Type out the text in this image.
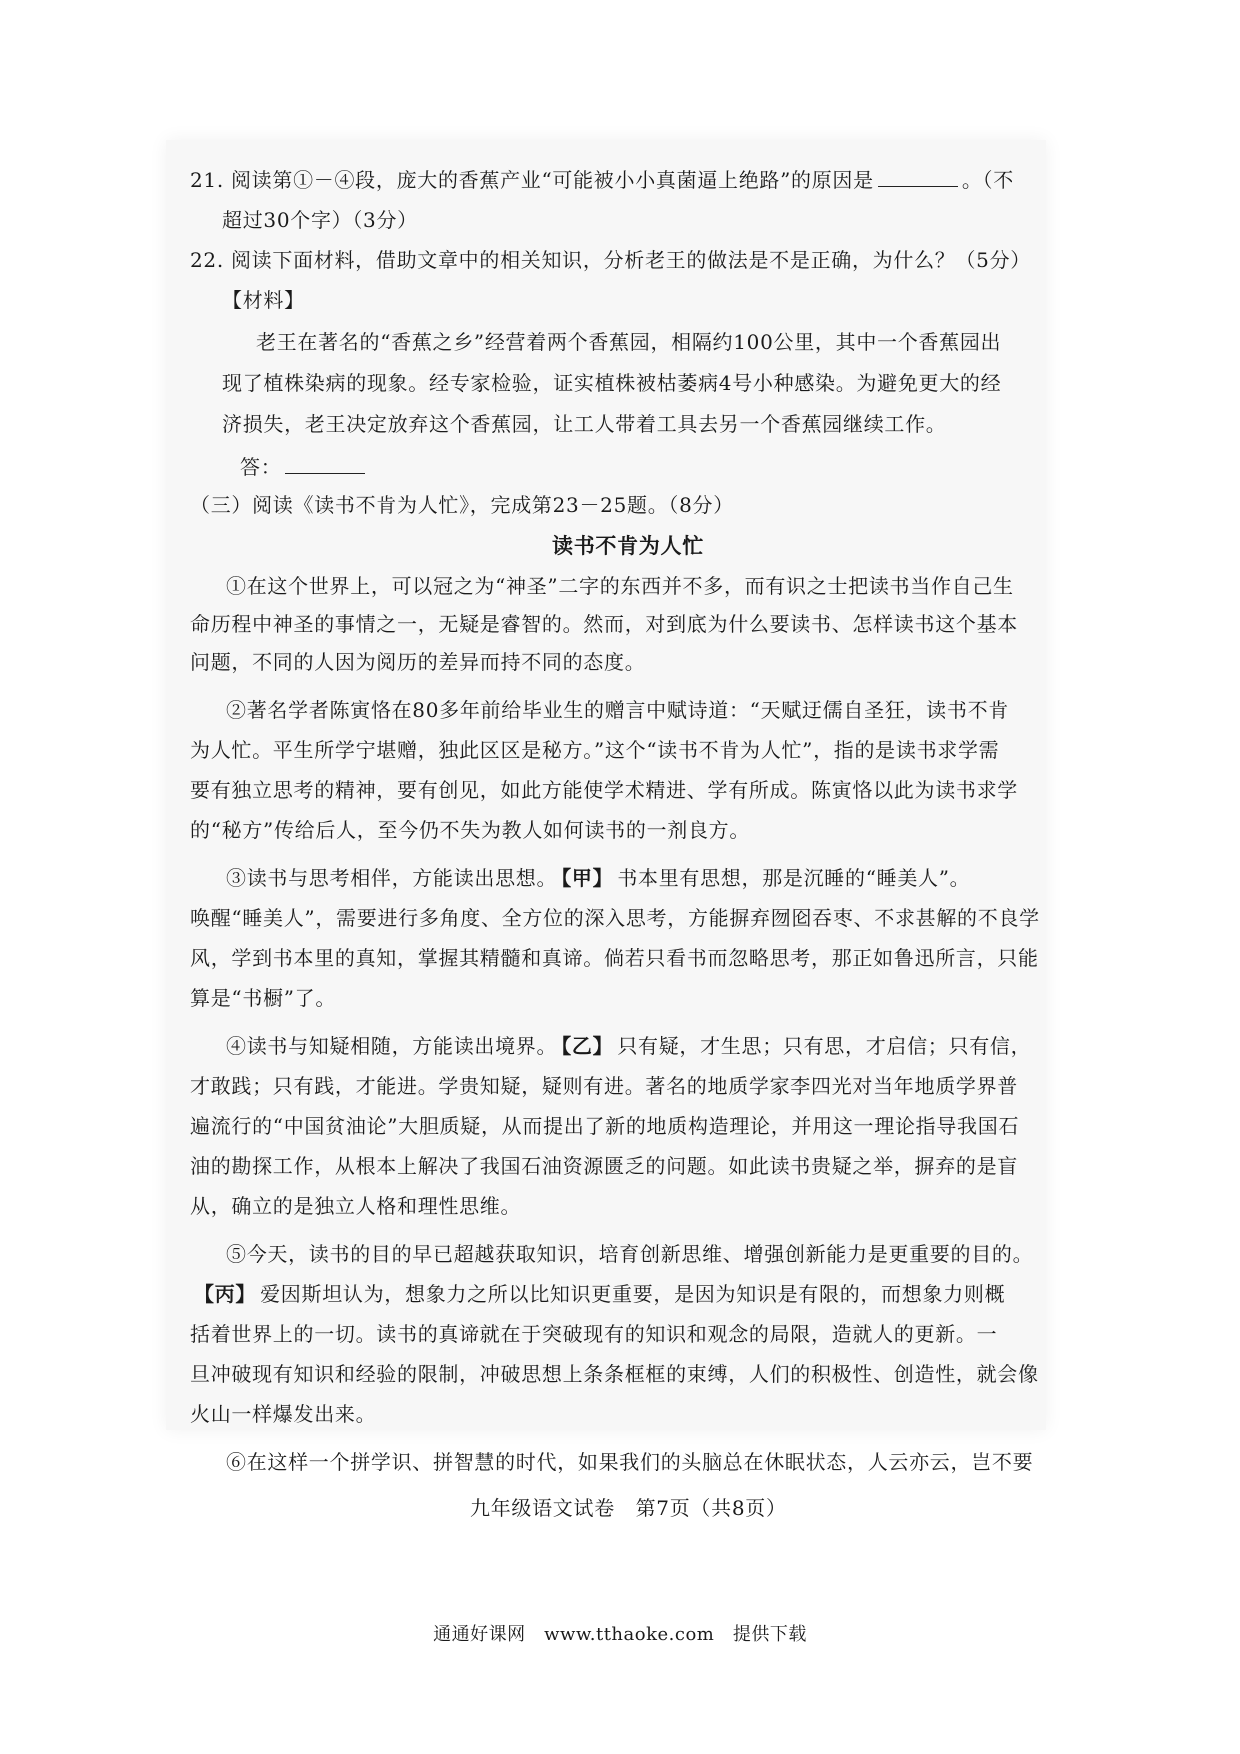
21. 阅读第①－④段，庞大的香蕉产业“可能被小小真菌逼上绝路”的原因是	。（不
超过30个字）（3分）
22. 阅读下面材料，借助文章中的相关知识，分析老王的做法是不是正确，为什么？（5分）
【材料】
老王在著名的“香蕉之乡”经营着两个香蕉园，相隔约100公里，其中一个香蕉园出
现了植株染病的现象。经专家检验，证实植株被枯萎病4号小种感染。为避免更大的经
济损失，老王决定放弃这个香蕉园，让工人带着工具去另一个香蕉园继续工作。
答：
（三）阅读《读书不肯为人忙》，完成第23－25题。（8分）
读书不肯为人忙
①在这个世界上，可以冠之为“神圣”二字的东西并不多，而有识之士把读书当作自己生
命历程中神圣的事情之一，无疑是睿智的。然而，对到底为什么要读书、怎样读书这个基本
问题，不同的人因为阅历的差异而持不同的态度。
②著名学者陈寅恪在80多年前给毕业生的赠言中赋诗道：“天赋迂儒自圣狂，读书不肯
为人忙。平生所学宁堪赠，独此区区是秘方。”这个“读书不肯为人忙”，指的是读书求学需
要有独立思考的精神，要有创见，如此方能使学术精进、学有所成。陈寅恪以此为读书求学
的“秘方”传给后人，至今仍不失为教人如何读书的一剂良方。
③读书与思考相伴，方能读出思想。 【甲】 书本里有思想，那是沉睡的“睡美人”。
唤醒“睡美人”，需要进行多角度、全方位的深入思考，方能摒弃囫囵吞枣、不求甚解的不良学
风，学到书本里的真知，掌握其精髓和真谛。倘若只看书而忽略思考，那正如鲁迅所言，只能
算是“书橱”了。
④读书与知疑相随，方能读出境界。 【乙】 只有疑，才生思；只有思，才启信；只有信，
才敢践；只有践，才能进。学贵知疑，疑则有进。著名的地质学家李四光对当年地质学界普
遍流行的“中国贫油论”大胆质疑，从而提出了新的地质构造理论，并用这一理论指导我国石
油的勘探工作，从根本上解决了我国石油资源匮乏的问题。如此读书贵疑之举，摒弃的是盲
从，确立的是独立人格和理性思维。
⑤今天，读书的目的早已超越获取知识，培育创新思维、增强创新能力是更重要的目的。
【丙】 爱因斯坦认为，想象力之所以比知识更重要，是因为知识是有限的，而想象力则概
括着世界上的一切。读书的真谛就在于突破现有的知识和观念的局限，造就人的更新。一
旦冲破现有知识和经验的限制，冲破思想上条条框框的束缚，人们的积极性、创造性，就会像
火山一样爆发出来。
⑥在这样一个拼学识、拼智慧的时代，如果我们的头脑总在休眠状态，人云亦云，岂不要
九年级语文试卷　第7页（共8页）
通通好课网　www.tthaoke.com　提供下载
